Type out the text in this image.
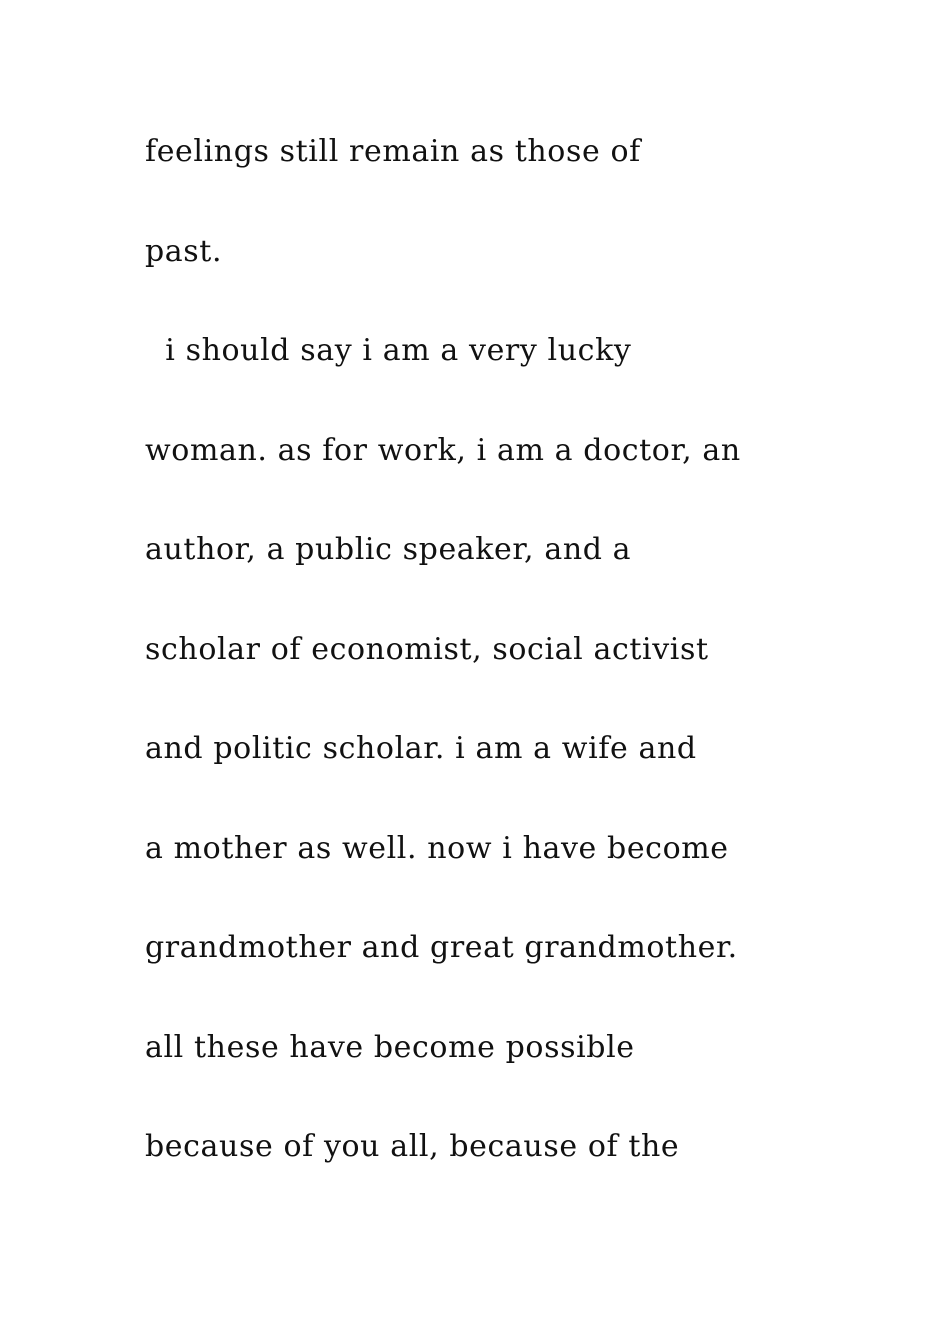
feelings still remain as those of

past.

i should say i am a very lucky

woman. as for work, i am a doctor, an

author, a public speaker, and a

scholar of economist, social activist

and politic scholar. i am a wife and

a mother as well. now i have become

grandmother and great grandmother.

all these have become possible

because of you all, because of the
